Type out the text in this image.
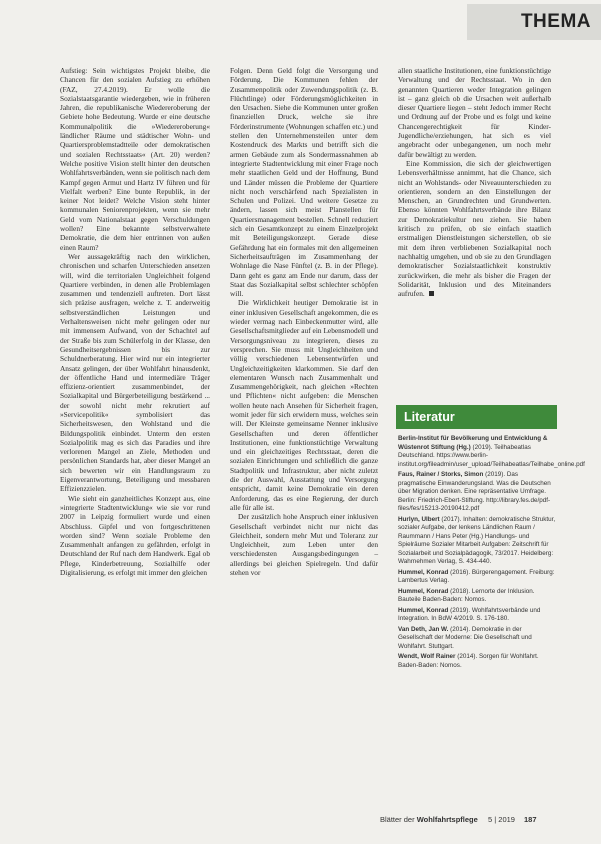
THEMA

Aufstieg: Sein wichtigstes Projekt bleibe, die Chancen für den sozialen Aufstieg zu erhöhen (FAZ, 27.4.2019). Er wolle die Sozialstaatsgarantie wiedergeben, wie in früheren Jahren, die republikanische Wiedereroberung der Gebiete hohe Bedeutung. Wurde er eine deutsche Kommunalpolitik die »Wiedereroberung« ländlicher Räume und städtischer Wohn- und Quartiersproblemstadtteile oder demokratischen und sozialen Rechtsstaats« (Art. 20) werden? Welche positive Vision stellt hinter den deutschen Wohlfahrtsverbänden, wenn sie politisch nach dem Kampf gegen Armut und Hartz IV führen und für Vielfalt werben? Eine bunte Republik, in der keiner Not leidet? Welche Vision steht hinter kommunalen Seniorenprojekten, wenn sie mehr Geld vom Nationalstaat gegen Verschuldungen wollen? Eine bekannte selbstverwaltete Demokratie, die dem hier entrinnen von außen einen Raum?

Wer aussagekräftig nach den wirklichen, chronischen und scharfen Unterschieden ansetzen will, wird die territorialen Ungleichheit folgend Quartiere verbinden, in denen alle Problemlagen zusammen und tendenziell auftreten. Dort lässt sich präzise ausfragen, welche z. T. anderweitig selbstverständlichen Leistungen und Verhaltensweisen nicht mehr gelingen oder nur mit immensem Aufwand, von der Schachtel auf der Straße bis zum Schülerfolg in der Klasse, den Gesundheitsergebnissen bis zur Schuldnerberatung. Hier wird nur ein integrierter Ansatz gelingen, der über Wohlfahrt hinausdenkt, der öffentliche Hand und intermediäre Träger effizienz-orientiert zusammenbindet, der Sozialkapital und Bürgerbeteiligung bestärkend ... der sowohl nicht mehr rekrutiert auf »Servicepolitik« symbolisiert das Sicherheitswesen, den Wohlstand und die Bildungspolitik einbindet. Unterm den ersten Sozialpolitik mag es sich das Paradies und ihre verlorenen Mangel an Ziele, Methoden und persönlichen Standards hat, aber dieser Mangel an sich bewerten wir ein Handlungsraum zu Eigenverantwortung, Beteiligung und messbaren Effizienzzielen.

Wie sieht ein ganzheitliches Konzept aus, eine »integrierte Stadtentwicklung« wie sie vor rund 2007 in Leipzig formuliert wurde und einen Abschluss. Gipfel und von fortgeschrittenen worden sind? Wenn soziale Probleme den Zusammenhalt anfangen zu gefährden, erfolgt in Deutschland der Ruf nach dem Handwerk. Egal ob Pflege, Kinderbetreuung, Sozialhilfe oder Digitalisierung, es erfolgt mit immer den gleichen

Folgen. Denn Geld folgt die Versorgung und Förderung. Die Kommunen fehlen der Zusammenpolitik oder Zuwendungspolitik (z. B. Flüchtlinge) oder Förderungsmöglichkeiten in den Ursachen. Siehe die Kommunen unter großen finanziellen Druck, welche sie ihre Förderinstrumente (Wohnungen schaffen etc.) und stellen den Unternehmensteilen unter dem Kostendruck des Markts und betrifft sich die armen Gebäude zum als Sondermassnahmen ab integrierte Stadtentwicklung mit einer Frage noch mehr staatlichen Geld und der Hoffnung, Bund und Länder müssen die Probleme der Quartiere nicht noch verschärfend nach Spezialisten in Schulen und Polizei. Und weitere Gesetze zu ändern, lassen sich meist Planstellen für Quartiersmanagement bestellen. Schnell reduziert sich ein Gesamtkonzept zu einem Einzelprojekt mit Beteiligungskonzept. Gerade diese Gefährdung hat ein formales mit den allgemeinen Sicherheitsaufträgen im Zusammenhang der Wohnlage die Nase Fünftel (z. B. in der Pflege). Dann geht es ganz am Ende nur darum, dass der Staat das Sozialkapital selbst schlechter schöpfen will.

Die Wirklichkeit heutiger Demokratie ist in einer inklusiven Gesellschaft angekommen, die es wieder vermag nach Einbeckenmutter wird, alle Gesellschaftsmitglieder auf ein Lebensmodell und Versorgungsniveau zu integrieren, dieses zu versprechen. Sie muss mit Ungleichheiten und völlig verschiedenen Lebensentwürfen und Ungleichzeitigkeiten klarkommen. Sie darf den elementaren Wunsch nach Zusammenhalt und Zusammengehörigkeit, nach gleichen »Rechten und Pflichten« nicht aufgeben: die Menschen wollen heute nach Ansehen für Sicherheit fragen, womit jeder für sich erwidern muss, welches sein will. Der Kleinste gemeinsame Nenner inklusive Gesellschaften und deren öffentlicher Institutionen, eine funktionstüchtige Verwaltung und ein gleichzeitiges Rechtsstaat, deren die sozialen Einrichtungen und schließlich die ganze Stadtpolitik und Infrastruktur, aber nicht zuletzt die der Auswahl, Ausstattung und Versorgung entspricht, damit keine Demokratie ein deren Anforderung, das es eine Regierung, der durch alle für alle ist.

Der zusätzlich hohe Anspruch einer inklusiven Gesellschaft verbindet nicht nur nicht das Gleichheit, sondern mehr Mut und Toleranz zur Ungleichheit, zum Leben unter den verschiedensten Ausgangsbedingungen – allerdings bei gleichen Spielregeln. Und dafür stehen vor

allen staatliche Institutionen, eine funktionstüchtige Verwaltung und der Rechtsstaat. Wo in den genannten Quartieren weder Integration gelingen ist – ganz gleich ob die Ursachen weit außerhalb dieser Quartiere liegen – steht Jedoch immer Recht und Ordnung auf der Probe und es folgt und keine Chancengerechtigkeit für Kinder-Jugendliche/erziehungen, hat sich es viel angebracht oder unbegangenen, um noch mehr dafür bewältigt zu werden.

Eine Kommission, die sich der gleichwertigen Lebensverhältnisse annimmt, hat die Chance, sich nicht an Wohlstands- oder Niveauunterschieden zu orientieren, sondern an den Einstellungen der Menschen, an Grundrechten und Grundwerten. Ebenso könnten Wohlfahrtsverbände ihre Bilanz zur Demokratiekultur neu ziehen. Sie haben kritisch zu prüfen, ob sie einfach staatlich erstmaligen Dienstleistungen sicherstellen, ob sie mit dem ihren verbliebenen Sozialkapital noch nachhaltig umgehen, und ob sie zu den Grundlagen demokratischer Sozialstaatlichkeit konstruktiv zurückwirken, die mehr als bisher die Fragen der Solidarität, Inklusion und des Miteinanders aufrufen.

Literatur
Berlin-Institut für Bevölkerung und Entwicklung & Wüstenrot Stiftung (Hg.) (2019). Teilhabeatlas Deutschland. https://www.berlin-institut.org/fileadmin/user_upload/Teilhabeatlas/Teilhabe_online.pdf
Faus, Rainer / Storks, Simon (2019). Das pragmatische Einwanderungsland. Was die Deutschen über Migration denken. Eine repräsentative Umfrage. Berlin: Friedrich-Ebert-Stiftung. http://library.fes.de/pdf-files/fes/15213-20190412.pdf
Hurlyn, Ulbert (2017). Inhalten: demokratische Struktur, sozialer Aufgabe, der lenkens Ländlichen Raum / Raummann / Hans Peter (Hg.) Handlungs- und Spielräume Sozialer Mitarbeit Aufgaben: Zeitschrift für Sozialarbeit und Sozialpädagogik, 73/2017. Heidelberg: Wahrnehmen Verlag, S. 434-440.
Hummel, Konrad (2016). Bürgerengagement. Freiburg: Lambertus Verlag.
Hummel, Konrad (2018). Lernorte der Inklusion. Bauteile Baden-Baden: Nomos.
Hummel, Konrad (2019). Wohlfahrtsverbände und Integration. In BdW 4/2019. S. 176-180.
Van Deth, Jan W. (2014). Demokratie in der Gesellschaft der Moderne: Die Gesellschaft und Wohlfahrt. Stuttgart.
Wendt, Wolf Rainer (2014). Sorgen für Wohlfahrt. Baden-Baden: Nomos.
Blätter der Wohlfahrtspflege 5 | 2019 187
